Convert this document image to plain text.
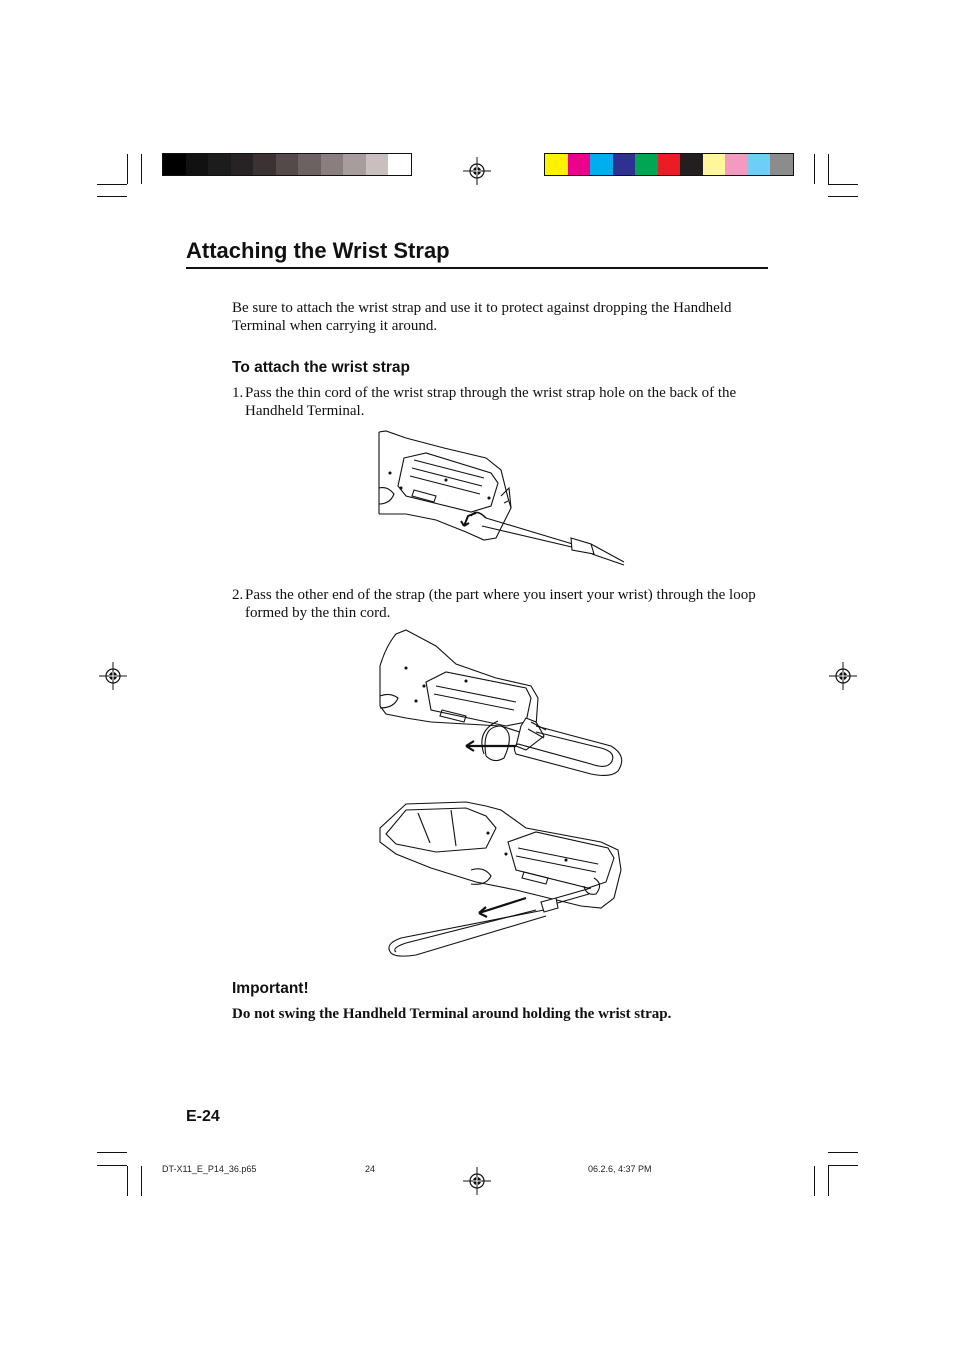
Attaching the Wrist Strap
Be sure to attach the wrist strap and use it to protect against dropping the Handheld
Terminal when carrying it around.
To attach the wrist strap
1. Pass the thin cord of the wrist strap through the wrist strap hole on the back of the
Handheld Terminal.
2. Pass the other end of the strap (the part where you insert your wrist) through the loop
formed by the thin cord.
Important!
Do not swing the Handheld Terminal around holding the wrist strap.
E-24
DT-X11_E_P14_36.p65	24	06.2.6, 4:37 PM
